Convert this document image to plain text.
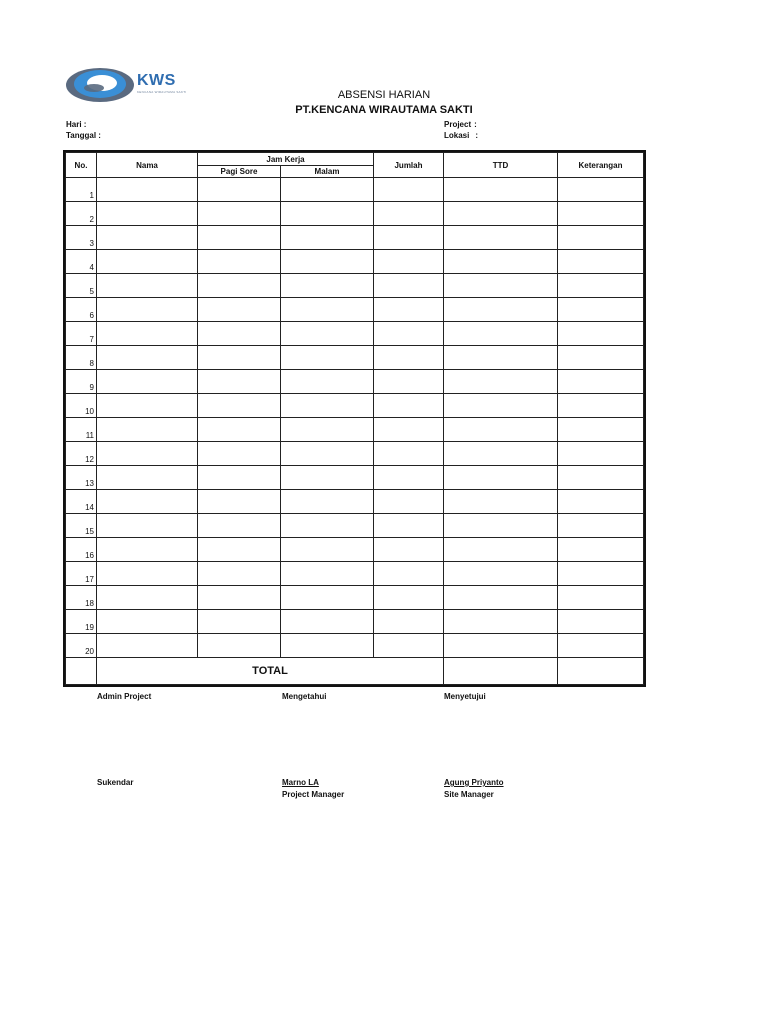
KWS
KENCANA WIRAUTAMA SAKTI	ABSENSI HARIAN
PT.KENCANA WIRAUTAMA SAKTI
Hari :
Tanggal :
Project :
Lokasi :
No.	Nama	Jam Kerja		Jumlah	TTD	Keterangan
		Pagi Sore	Malam			
1						
2						
3						
4						
5						
6						
7						
8						
9						
10						
11						
12						
13						
14						
15						
16						
17						
18						
19						
20						
	TOTAL					
Admin Project	Mengetahui	Menyetujui
Sukendar	Marno LA	Agung Priyanto
Project Manager	Site Manager
